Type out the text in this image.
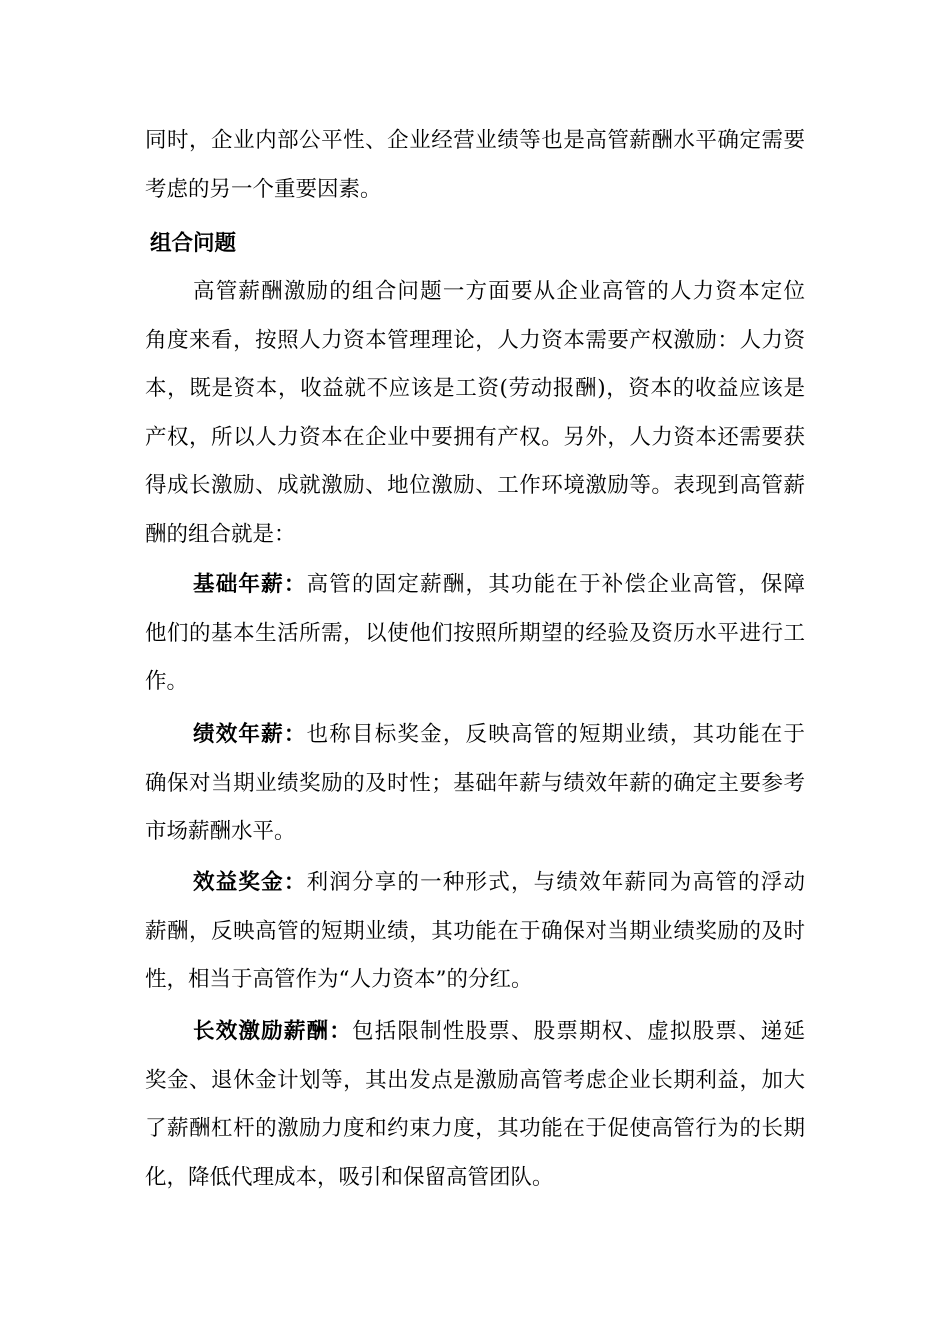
同时，企业内部公平性、企业经营业绩等也是高管薪酬水平确定需要
考虑的另一个重要因素。

组合问题

高管薪酬激励的组合问题一方面要从企业高管的人力资本定位
角度来看，按照人力资本管理理论，人力资本需要产权激励：人力资
本，既是资本，收益就不应该是工资(劳动报酬)，资本的收益应该是
产权，所以人力资本在企业中要拥有产权。另外，人力资本还需要获
得成长激励、成就激励、地位激励、工作环境激励等。表现到高管薪
酬的组合就是：

基础年薪：高管的固定薪酬，其功能在于补偿企业高管，保障
他们的基本生活所需，以使他们按照所期望的经验及资历水平进行工
作。

绩效年薪：也称目标奖金，反映高管的短期业绩，其功能在于
确保对当期业绩奖励的及时性；基础年薪与绩效年薪的确定主要参考
市场薪酬水平。

效益奖金：利润分享的一种形式，与绩效年薪同为高管的浮动
薪酬，反映高管的短期业绩，其功能在于确保对当期业绩奖励的及时
性，相当于高管作为“人力资本”的分红。

长效激励薪酬：包括限制性股票、股票期权、虚拟股票、递延
奖金、退休金计划等，其出发点是激励高管考虑企业长期利益，加大
了薪酬杠杆的激励力度和约束力度，其功能在于促使高管行为的长期
化，降低代理成本，吸引和保留高管团队。
